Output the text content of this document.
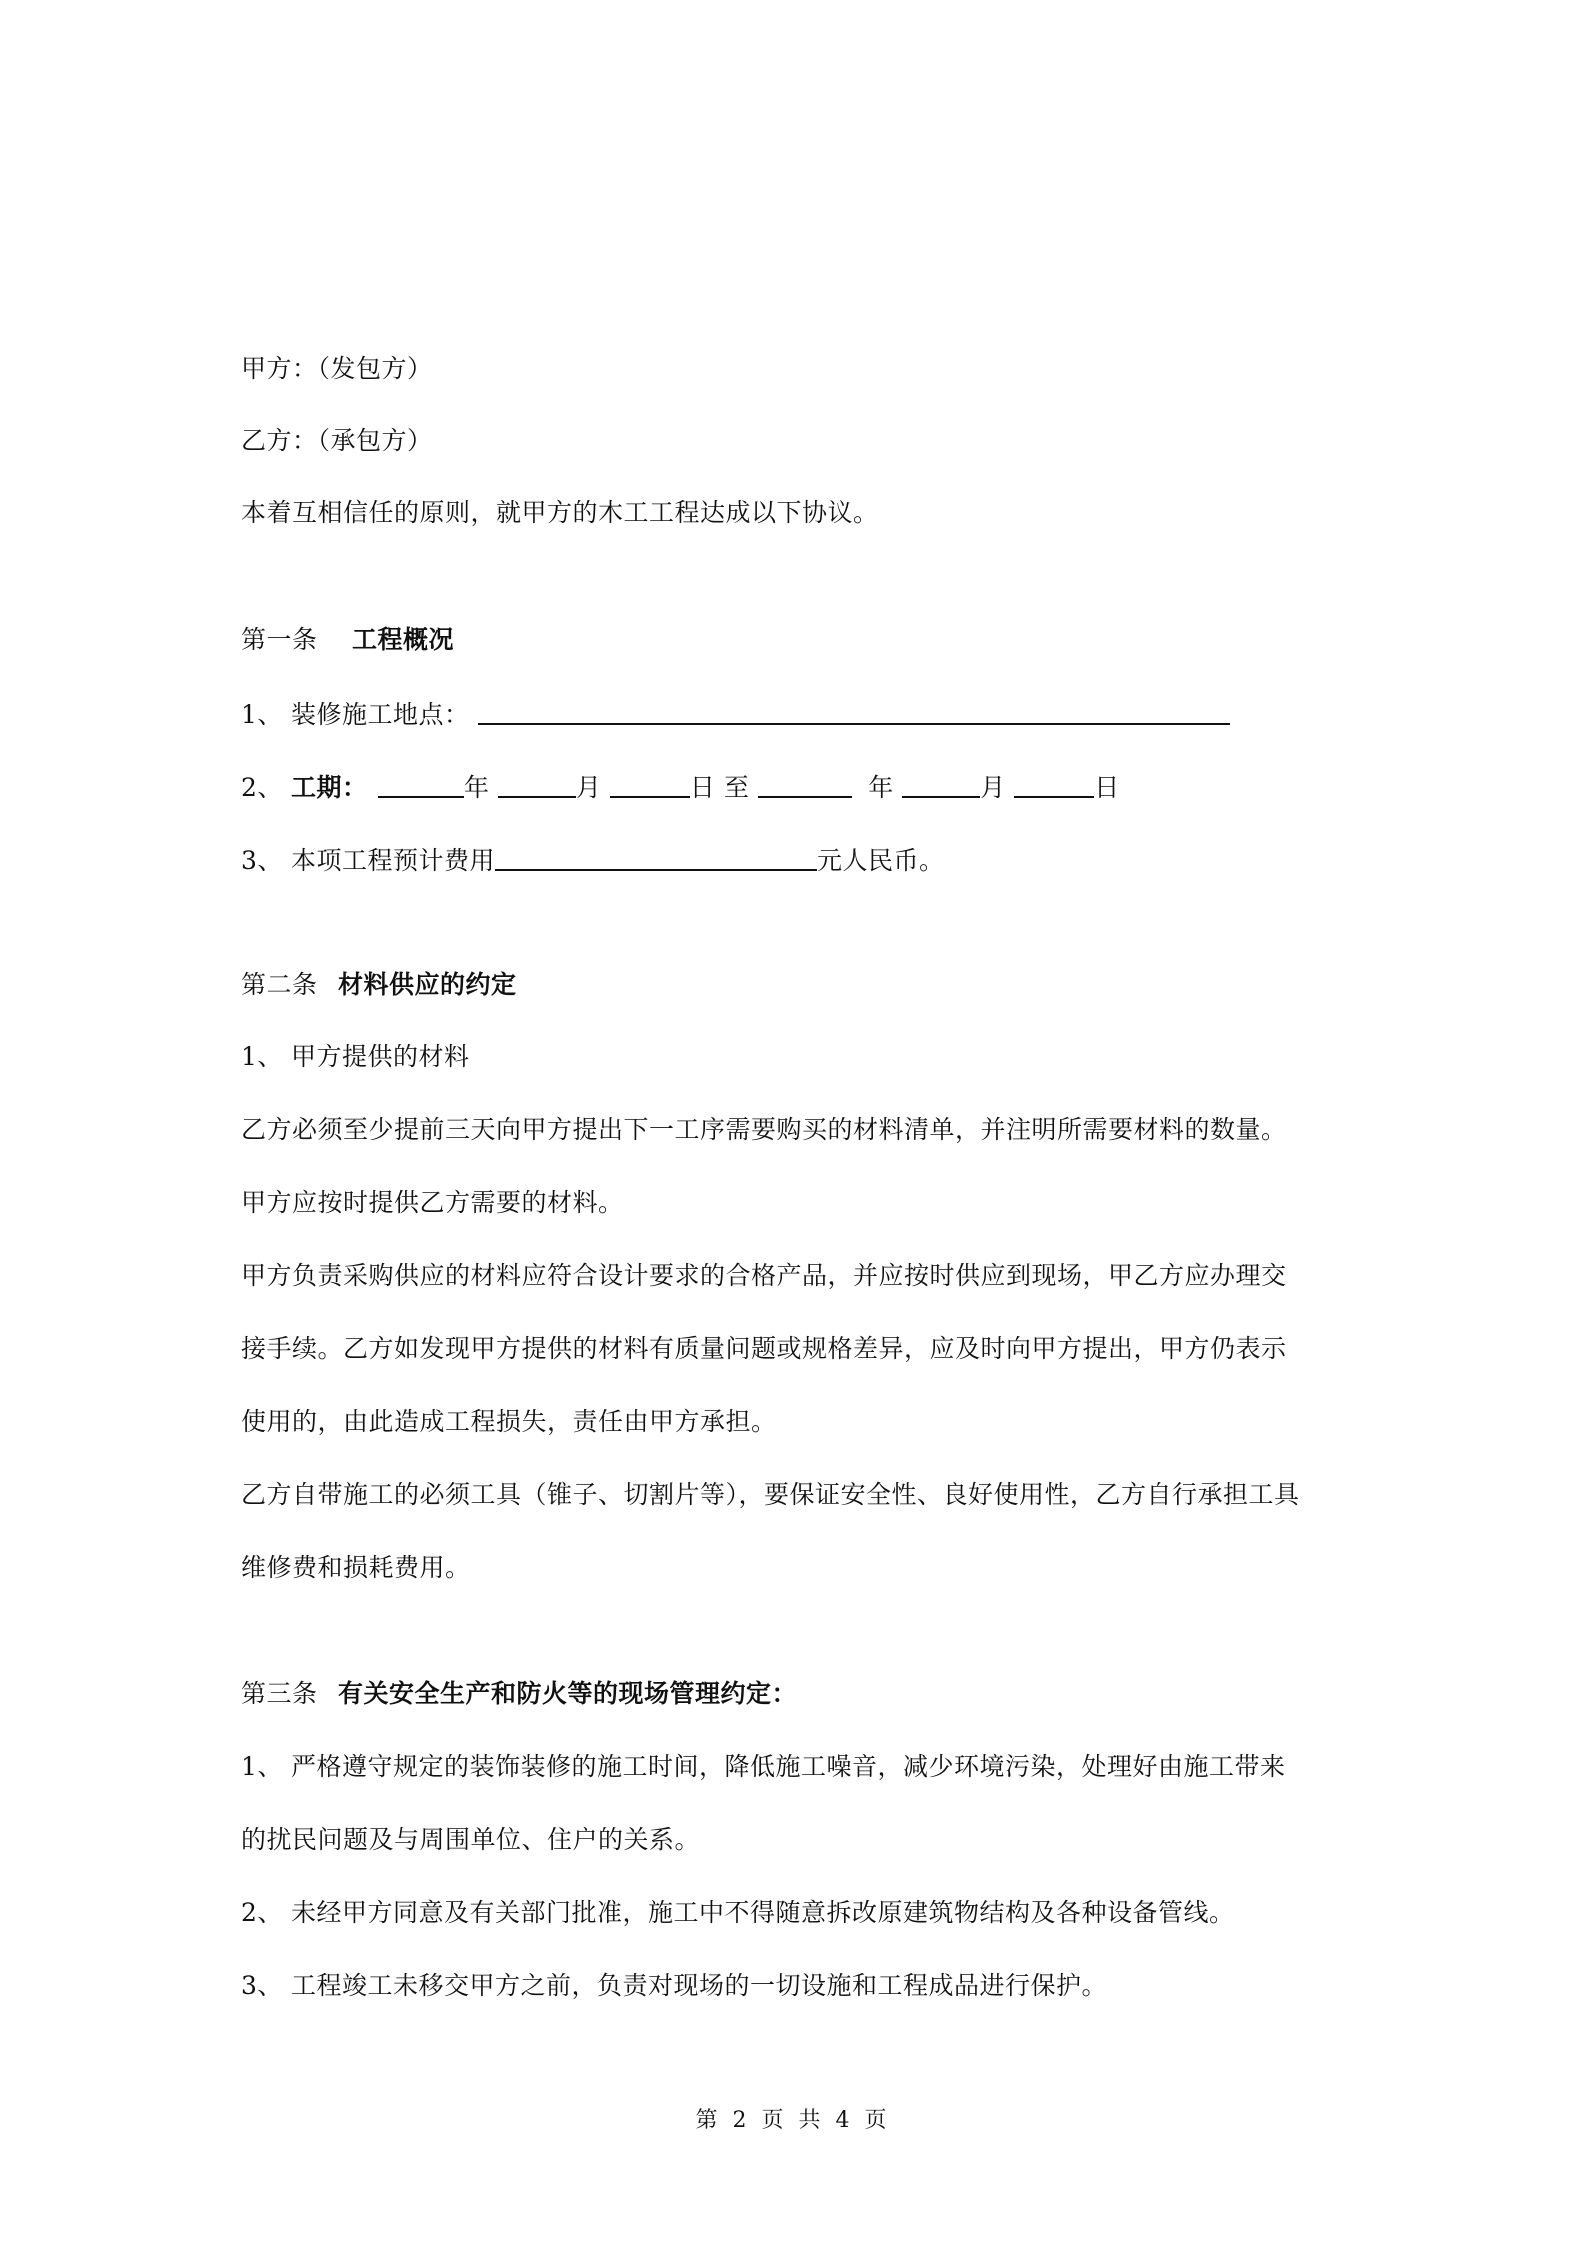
甲方：（发包方）
乙方：（承包方）
本着互相信任的原则，就甲方的木工工程达成以下协议。
第一条 工程概况
1、 装修施工地点：
2、 工期：	年	月	日 至	年	月	日
3、 本项工程预计费用	元人民币。
第二条 材料供应的约定
1、 甲方提供的材料
乙方必须至少提前三天向甲方提出下一工序需要购买的材料清单，并注明所需要材料的数量。
甲方应按时提供乙方需要的材料。
甲方负责采购供应的材料应符合设计要求的合格产品，并应按时供应到现场，甲乙方应办理交
接手续。乙方如发现甲方提供的材料有质量问题或规格差异，应及时向甲方提出，甲方仍表示
使用的，由此造成工程损失，责任由甲方承担。
乙方自带施工的必须工具（锥子、切割片等），要保证安全性、良好使用性，乙方自行承担工具
维修费和损耗费用。
第三条 有关安全生产和防火等的现场管理约定：
1、 严格遵守规定的装饰装修的施工时间，降低施工噪音，减少环境污染，处理好由施工带来
的扰民问题及与周围单位、住户的关系。
2、 未经甲方同意及有关部门批准，施工中不得随意拆改原建筑物结构及各种设备管线。
3、 工程竣工未移交甲方之前，负责对现场的一切设施和工程成品进行保护。
第 2 页 共 4 页
